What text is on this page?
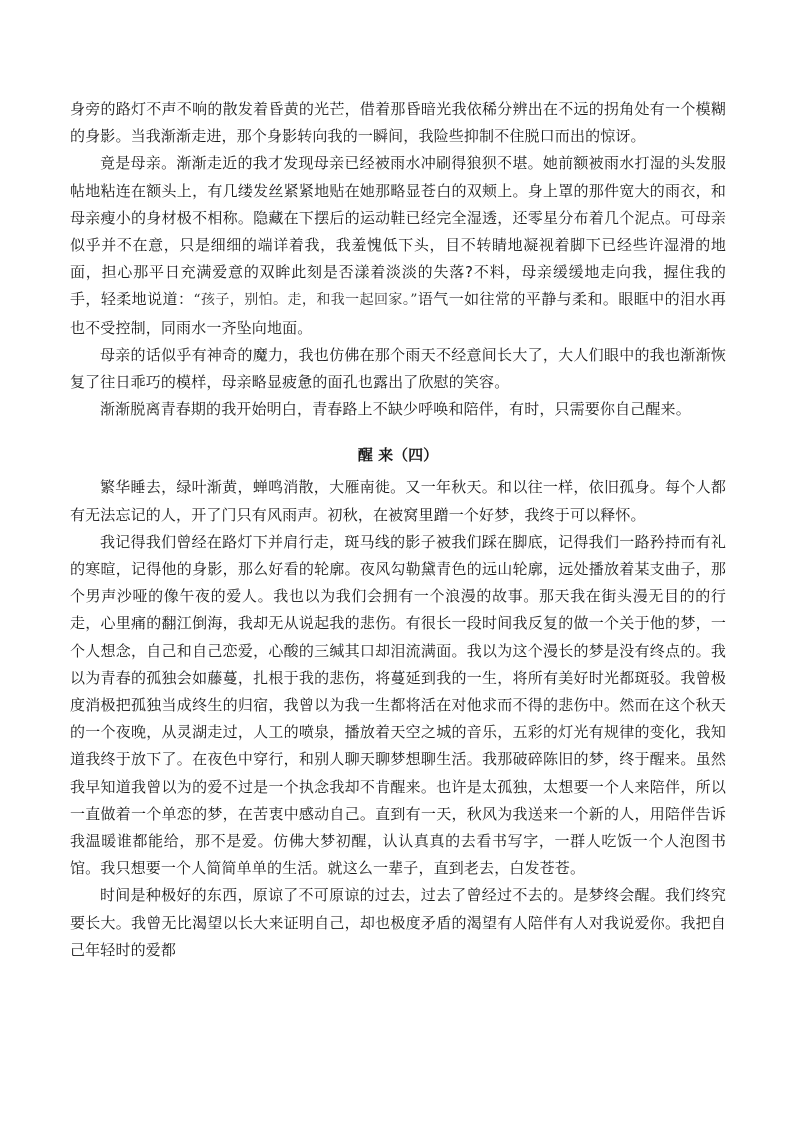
身旁的路灯不声不响的散发着昏黄的光芒，借着那昏暗光我依稀分辨出在不远的拐角处有一个模糊的身影。当我渐渐走进，那个身影转向我的一瞬间，我险些抑制不住脱口而出的惊讶。

竟是母亲。渐渐走近的我才发现母亲已经被雨水冲刷得狼狈不堪。她前额被雨水打湿的头发服帖地粘连在额头上，有几缕发丝紧紧地贴在她那略显苍白的双颊上。身上罩的那件宽大的雨衣，和母亲瘦小的身材极不相称。隐藏在下摆后的运动鞋已经完全湿透，还零星分布着几个泥点。可母亲似乎并不在意，只是细细的端详着我，我羞愧低下头，目不转睛地凝视着脚下已经些许湿滑的地面，担心那平日充满爱意的双眸此刻是否漾着淡淡的失落?不料，母亲缓缓地走向我，握住我的手，轻柔地说道：“孩子，别怕。走，和我一起回家。”语气一如往常的平静与柔和。眼眶中的泪水再也不受控制，同雨水一齐坠向地面。

母亲的话似乎有神奇的魔力，我也仿佛在那个雨天不经意间长大了，大人们眼中的我也渐渐恢复了往日乖巧的模样，母亲略显疲惫的面孔也露出了欣慰的笑容。

渐渐脱离青春期的我开始明白，青春路上不缺少呼唤和陪伴，有时，只需要你自己醒来。

醒 来（四）

繁华睡去，绿叶渐黄，蝉鸣消散，大雁南徙。又一年秋天。和以往一样，依旧孤身。每个人都有无法忘记的人，开了门只有风雨声。初秋，在被窝里蹭一个好梦，我终于可以释怀。

我记得我们曾经在路灯下并肩行走，斑马线的影子被我们踩在脚底，记得我们一路矜持而有礼的寒暄，记得他的身影，那么好看的轮廓。夜风勾勒黛青色的远山轮廓，远处播放着某支曲子，那个男声沙哑的像午夜的爱人。我也以为我们会拥有一个浪漫的故事。那天我在街头漫无目的的行走，心里痛的翻江倒海，我却无从说起我的悲伤。有很长一段时间我反复的做一个关于他的梦，一个人想念，自己和自己恋爱，心酸的三缄其口却泪流满面。我以为这个漫长的梦是没有终点的。我以为青春的孤独会如藤蔓，扎根于我的悲伤，将蔓延到我的一生，将所有美好时光都斑驳。我曾极度消极把孤独当成终生的归宿，我曾以为我一生都将活在对他求而不得的悲伤中。然而在这个秋天的一个夜晚，从灵湖走过，人工的喷泉，播放着天空之城的音乐，五彩的灯光有规律的变化，我知道我终于放下了。在夜色中穿行，和别人聊天聊梦想聊生活。我那破碎陈旧的梦，终于醒来。虽然我早知道我曾以为的爱不过是一个执念我却不肯醒来。也许是太孤独，太想要一个人来陪伴，所以一直做着一个单恋的梦，在苦衷中感动自己。直到有一天，秋风为我送来一个新的人，用陪伴告诉我温暖谁都能给，那不是爱。仿佛大梦初醒，认认真真的去看书写字，一群人吃饭一个人泡图书馆。我只想要一个人简简单单的生活。就这么一辈子，直到老去，白发苍苍。

时间是种极好的东西，原谅了不可原谅的过去，过去了曾经过不去的。是梦终会醒。我们终究要长大。我曾无比渴望以长大来证明自己，却也极度矛盾的渴望有人陪伴有人对我说爱你。我把自己年轻时的爱都
